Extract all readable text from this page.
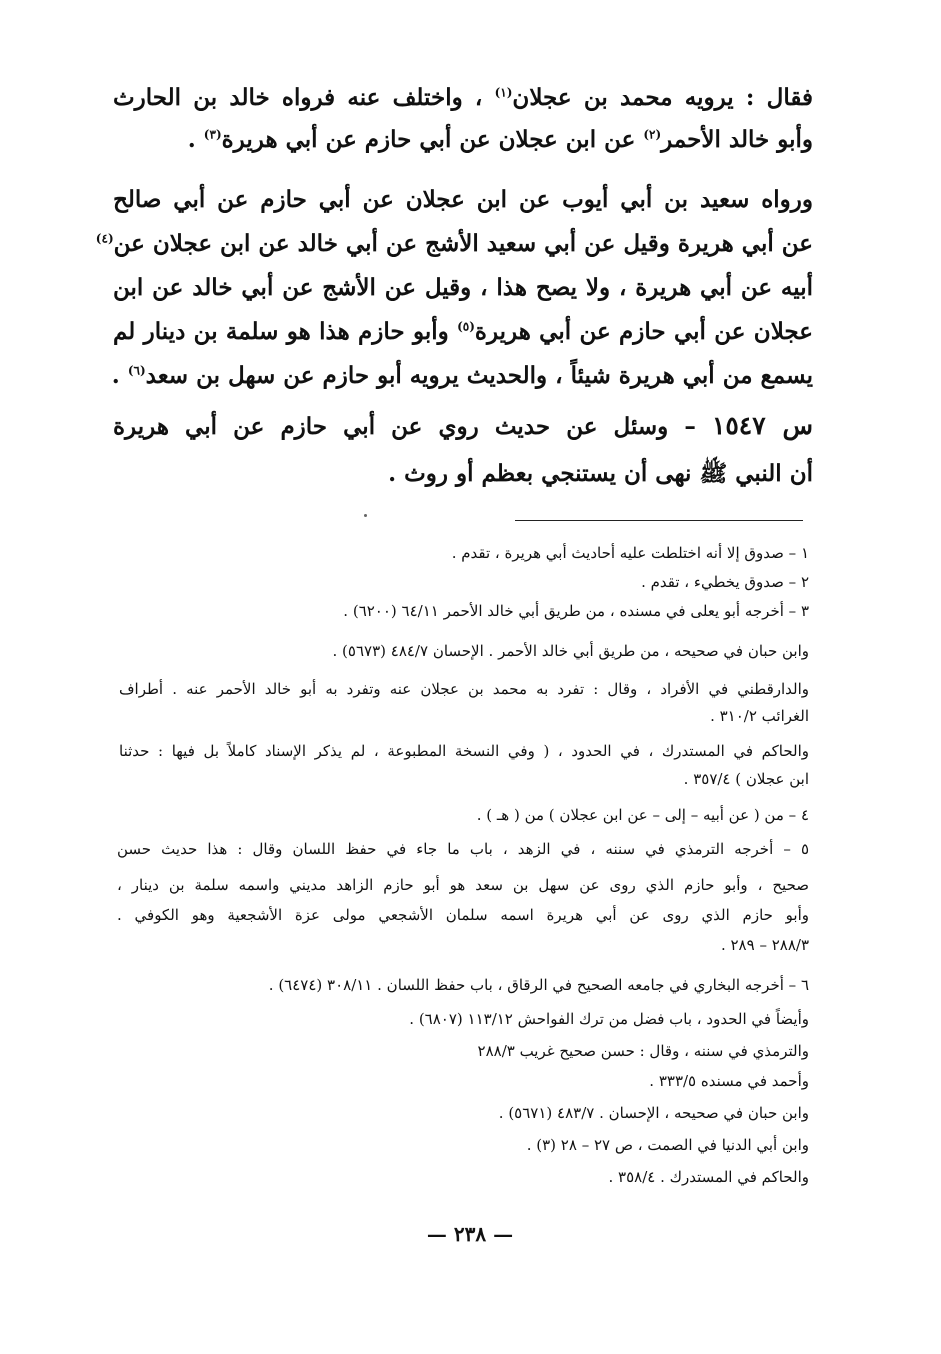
فقال : يرويه محمد بن عجلان$^{(١)}$ ، واختلف عنه فرواه خالد بن الحارث

وأبو خالد الأحمر$^{(٢)}$ عن ابن عجلان عن أبي حازم عن أبي هريرة$^{(٣)}$ .

ورواه سعيد بن أبي أيوب عن ابن عجلان عن أبي حازم عن أبي صالح

عن أبي هريرة وقيل عن أبي سعيد الأشج عن أبي خالد عن ابن عجلان عن$^{(٤)}$

أبيه عن أبي هريرة ، ولا يصح هذا ، وقيل عن الأشج عن أبي خالد عن ابن

عجلان عن أبي حازم عن أبي هريرة$^{(٥)}$ وأبو حازم هذا هو سلمة بن دينار لم

يسمع من أبي هريرة شيئاً ، والحديث يرويه أبو حازم عن سهل بن سعد$^{(٦)}$ .

س ١٥٤٧ – وسئل عن حديث روي عن أبي حازم عن أبي هريرة

أن النبي ﷺ نهى أن يستنجي بعظم أو روث .

١ – صدوق إلا أنه اختلطت عليه أحاديث أبي هريرة ، تقدم .

٢ – صدوق يخطيء ، تقدم .

٣ – أخرجه أبو يعلى في مسنده ، من طريق أبي خالد الأحمر ٦٤/١١ (٦٢٠٠) .

وابن حبان في صحيحه ، من طريق أبي خالد الأحمر . الإحسان ٤٨٤/٧ (٥٦٧٣) .

والدارقطني في الأفراد ، وقال : تفرد به محمد بن عجلان عنه وتفرد به أبو خالد الأحمر عنه . أطراف

الغرائب ٣١٠/٢ .

والحاكم في المستدرك ، في الحدود ، ( وفي النسخة المطبوعة ، لم يذكر الإسناد كاملاً بل فيها : حدثنا

ابن عجلان ) ٣٥٧/٤ .

٤ – من ( عن أبيه – إلى – عن ابن عجلان ) من ( هـ ) .

٥ – أخرجه الترمذي في سننه ، في الزهد ، باب ما جاء في حفظ اللسان وقال : هذا حديث حسن

صحيح ، وأبو حازم الذي روى عن سهل بن سعد هو أبو حازم الزاهد مديني واسمه سلمة بن دينار ،

وأبو حازم الذي روى عن أبي هريرة اسمه سلمان الأشجعي مولى عزة الأشجعية وهو الكوفي .

٢٨٨/٣ – ٢٨٩ .

٦ – أخرجه البخاري في جامعه الصحيح في الرقاق ، باب حفظ اللسان . ٣٠٨/١١ (٦٤٧٤) .

وأيضاً في الحدود ، باب فضل من ترك الفواحش ١١٣/١٢ (٦٨٠٧) .

والترمذي في سننه ، وقال : حسن صحيح غريب ٢٨٨/٣

وأحمد في مسنده ٣٣٣/٥ .

وابن حبان في صحيحه ، الإحسان . ٤٨٣/٧ (٥٦٧١) .

وابن أبي الدنيا في الصمت ، ص ٢٧ – ٢٨ (٣) .

والحاكم في المستدرك . ٣٥٨/٤ .

— ٢٣٨ —
